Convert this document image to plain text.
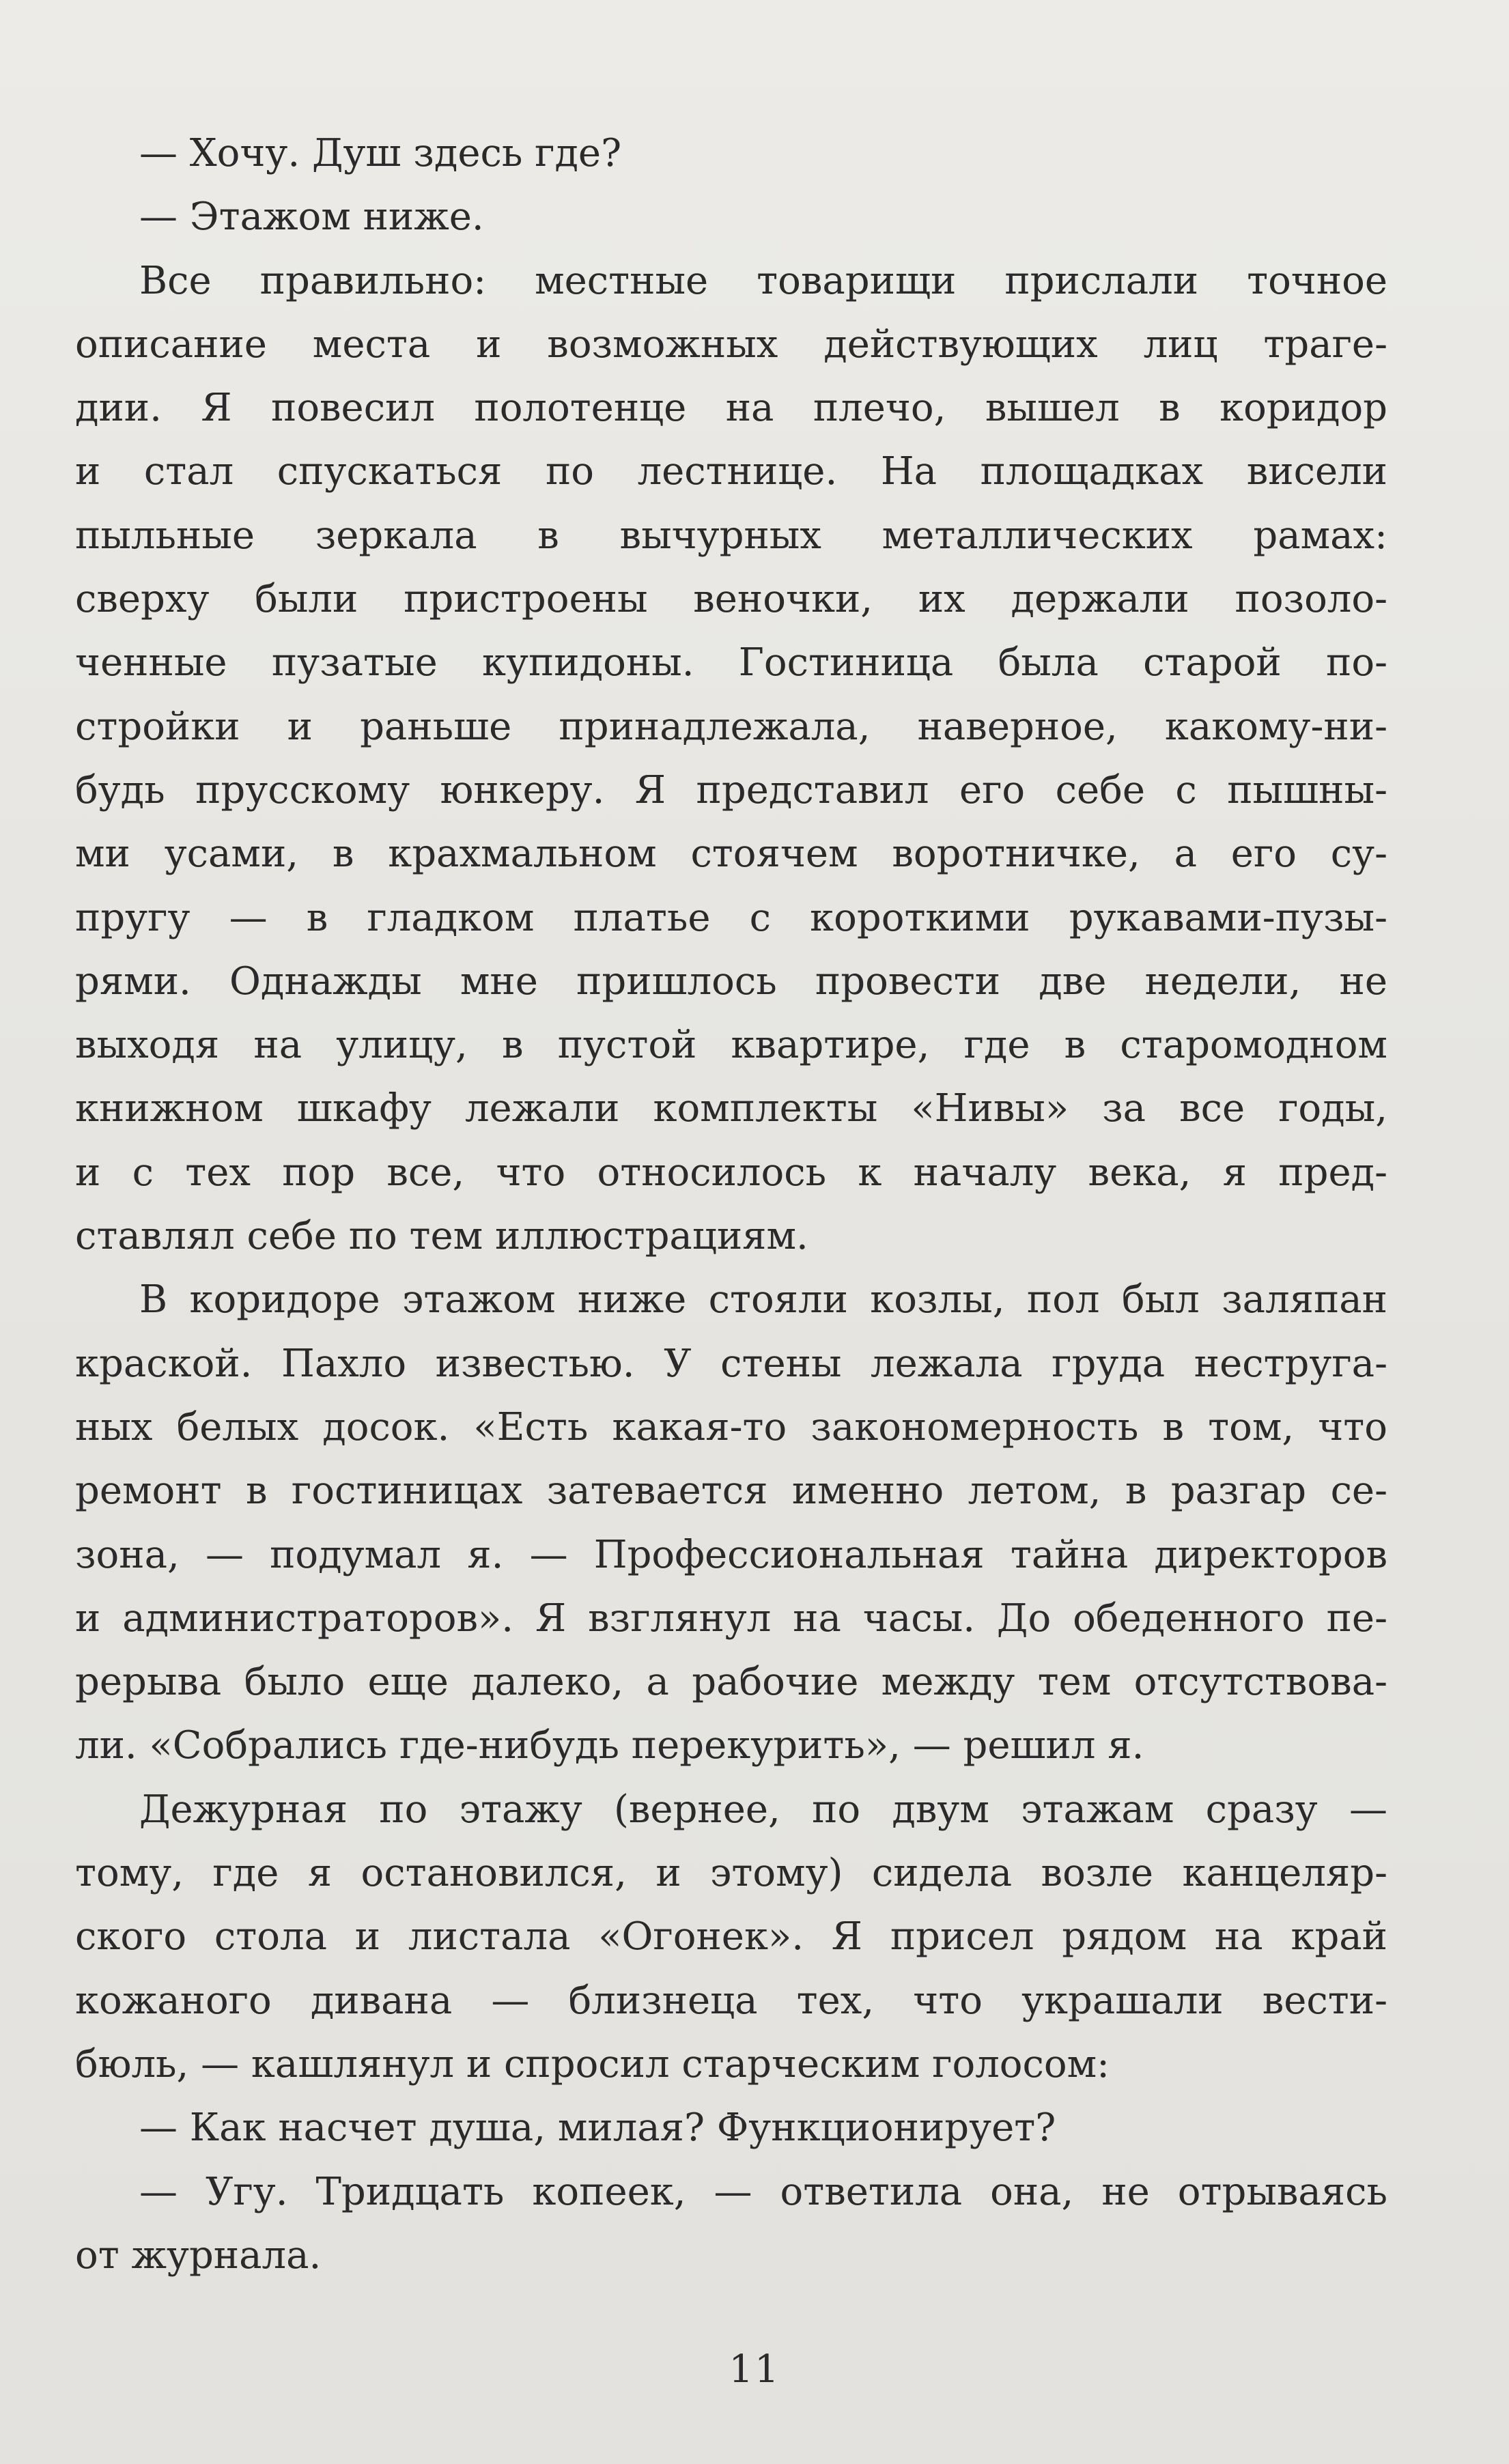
— Хочу. Душ здесь где?
— Этажом ниже.
Все правильно: местные товарищи прислали точное
описание места и возможных действующих лиц траге-
дии. Я повесил полотенце на плечо, вышел в коридор
и стал спускаться по лестнице. На площадках висели
пыльные зеркала в вычурных металлических рамах:
сверху были пристроены веночки, их держали позоло-
ченные пузатые купидоны. Гостиница была старой по-
стройки и раньше принадлежала, наверное, какому-ни-
будь прусскому юнкеру. Я представил его себе с пышны-
ми усами, в крахмальном стоячем воротничке, а его су-
пругу — в гладком платье с короткими рукавами-пузы-
рями. Однажды мне пришлось провести две недели, не
выходя на улицу, в пустой квартире, где в старомодном
книжном шкафу лежали комплекты «Нивы» за все годы,
и с тех пор все, что относилось к началу века, я пред-
ставлял себе по тем иллюстрациям.
В коридоре этажом ниже стояли козлы, пол был заляпан
краской. Пахло известью. У стены лежала груда неструга-
ных белых досок. «Есть какая-то закономерность в том, что
ремонт в гостиницах затевается именно летом, в разгар се-
зона, — подумал я. — Профессиональная тайна директоров
и администраторов». Я взглянул на часы. До обеденного пе-
рерыва было еще далеко, а рабочие между тем отсутствова-
ли. «Собрались где-нибудь перекурить», — решил я.
Дежурная по этажу (вернее, по двум этажам сразу —
тому, где я остановился, и этому) сидела возле канцеляр-
ского стола и листала «Огонек». Я присел рядом на край
кожаного дивана — близнеца тех, что украшали вести-
бюль, — кашлянул и спросил старческим голосом:
— Как насчет душа, милая? Функционирует?
— Угу. Тридцать копеек, — ответила она, не отрываясь
от журнала.
11
